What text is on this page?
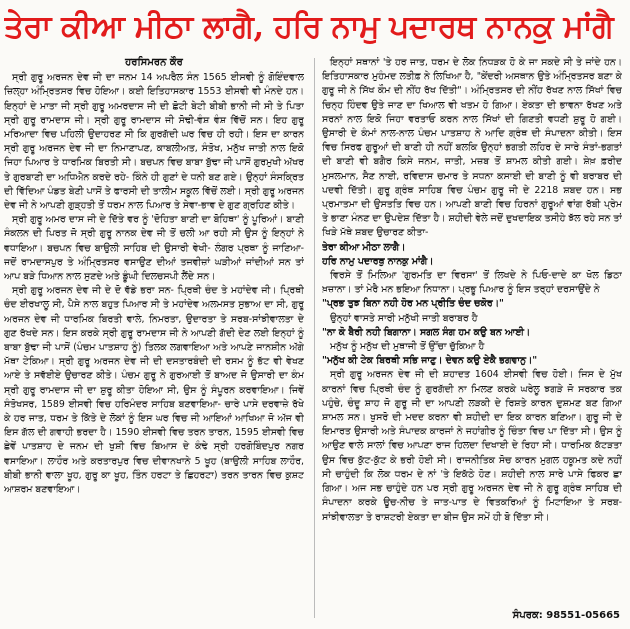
ਤੇਰਾ ਕੀਆ ਮੀਠਾ ਲਾਗੈ, ਹਰਿ ਨਾਮੁ ਪਦਾਰਥ ਨਾਨਕੁ ਮਾਂਗੈ

ਹਰਸਿਮਰਨ ਕੌਰ

ਸ੍ਰੀ ਗੁਰੂ ਅਰਜਨ ਦੇਵ ਜੀ ਦਾ ਜਨਮ 14 ਅਪਰੈਲ ਸੰਨ 1565 ਈਸਵੀ ਨੂੰ ਗੋਇੰਦਵਾਲ ਜ਼ਿਲ੍ਹਾ ਅੰਮ੍ਰਿਤਸਰ ਵਿਚ ਹੋਇਆ। ਕਈ ਇਤਿਹਾਸਕਾਰ 1553 ਈਸਵੀ ਵੀ ਮੰਨਦੇ ਹਨ। ਇਨ੍ਹਾਂ ਦੇ ਮਾਤਾ ਜੀ ਸ੍ਰੀ ਗੁਰੂ ਅਮਰਦਾਸ ਜੀ ਦੀ ਛੋਟੀ ਬੇਟੀ ਬੀਬੀ ਭਾਨੀ ਜੀ ਸੀ ਤੇ ਪਿਤਾ ਸ੍ਰੀ ਗੁਰੂ ਰਾਮਦਾਸ ਜੀ। ਸ੍ਰੀ ਗੁਰੂ ਰਾਮਦਾਸ ਜੀ ਸੋਢੀ-ਵੰਸ਼ ਵੰਸ਼ ਵਿੱਚੋਂ ਸਨ। ਇਹ ਗੁਰੂ ਮਰਿਆਦਾ ਵਿਚ ਪਹਿਲੀ ਉਦਾਹਰਣ ਸੀ ਕਿ ਗੁਰਗੱਦੀ ਘਰ ਵਿਚ ਹੀ ਰਹੀ। ਇਸ ਦਾ ਕਾਰਨ ਸ੍ਰੀ ਗੁਰੂ ਅਰਜਨ ਦੇਵ ਜੀ ਦਾ ਨਿਮਾਣਾਪਣ, ਕਾਬਲੀਅਤ, ਸੰਤੋਖ, ਮਨੁੱਖ ਜਾਤੀ ਨਾਲ ਇਕੋ ਜਿਹਾ ਪਿਆਰ ਤੇ ਧਾਰਮਿਕ ਬਿਰਤੀ ਸੀ। ਬਚਪਨ ਵਿਚ ਬਾਬਾ ਬੁੱਢਾ ਜੀ ਪਾਸੋਂ ਗੁਰਮੁਖੀ ਅੱਖਰ ਤੇ ਗੁਰਬਾਣੀ ਦਾ ਅਧਿਐਨ ਕਰਦੇ ਰਹੇ- ਕਿੰਨੇ ਹੀ ਗੁਣਾਂ ਦੇ ਧਨੀ ਬਣ ਗਏ। ਉਨ੍ਹਾਂ ਸੰਸਕ੍ਰਿਤ ਦੀ ਵਿੱਦਿਆ ਪੰਡਤ ਬੇਣੀ ਪਾਸੋਂ ਤੇ ਫਾਰਸੀ ਦੀ ਤਾਲੀਮ ਸਕੂਲ ਵਿੱਚੋਂ ਲਈ। ਸ੍ਰੀ ਗੁਰੂ ਅਰਜਨ ਦੇਵ ਜੀ ਨੇ ਆਪਣੀ ਗੁੜ੍ਹਤੀ ਤੋਂ ਧਰਮ ਨਾਲ ਪਿਆਰ ਤੇ ਸੇਵਾ-ਭਾਵ ਦੇ ਗੁਣ ਗ੍ਰਹਿਣ ਕੀਤੇ।

ਸ੍ਰੀ ਗੁਰੂ ਅਮਰ ਦਾਸ ਜੀ ਦੇ ਦਿੱਤੇ ਵਰ ਨੂੰ 'ਦੋਹਿਤਾ ਬਾਣੀ ਦਾ ਬੋਹਿਥਾ' ਨੂੰ ਪੂਰਿਆਂ। ਬਾਣੀ ਸੰਕਲਨ ਦੀ ਪਿਰਤ ਜੋ ਸ੍ਰੀ ਗੁਰੂ ਨਾਨਕ ਦੇਵ ਜੀ ਤੋਂ ਚਲੀ ਆ ਰਹੀ ਸੀ ਉਸ ਨੂੰ ਇਨ੍ਹਾਂ ਨੇ ਵਧਾਇਆ। ਬਚਪਨ ਵਿਚ ਬਾਉਲੀ ਸਾਹਿਬ ਦੀ ਉਸਾਰੀ ਵੇਖੀ- ਲੰਗਰ ਪ੍ਰਥਾ ਨੂੰ ਜਾਣਿਆ- ਜਦੋਂ ਰਾਮਦਾਸਪੁਰ ਤੇ ਅੰਮ੍ਰਿਤਸਰ ਵਸਾਉਣ ਦੀਆਂ ਤਜਵੀਜ਼ਾਂ ਘੜੀਆਂ ਜਾਂਦੀਆਂ ਸਨ ਤਾਂ ਆਪ ਬੜੇ ਧਿਆਨ ਨਾਲ ਸੁਣਦੇ ਅਤੇ ਡੂੰਘੀ ਦਿਲਚਸਪੀ ਲੈਂਦੇ ਸਨ।

ਸ੍ਰੀ ਗੁਰੂ ਅਰਜਨ ਦੇਵ ਜੀ ਦੇ ਦੋ ਵੱਡੇ ਭਰਾ ਸਨ- ਪ੍ਰਿਥੀ ਚੰਦ ਤੇ ਮਹਾਂਦੇਵ ਜੀ। ਪ੍ਰਿਥੀ ਚੰਦ ਈਰਖਾਲੂ ਸੀ, ਪੈਸੇ ਨਾਲ ਬਹੁਤ ਪਿਆਰ ਸੀ ਤੇ ਮਹਾਂਦੇਵ ਅਲਮਸਤ ਸੁਭਾਅ ਦਾ ਸੀ, ਗੁਰੂ ਅਰਜਨ ਦੇਵ ਜੀ ਧਾਰਮਿਕ ਬਿਰਤੀ ਵਾਲੇ, ਨਿਮਰਤਾ, ਉਦਾਰਤਾ ਤੇ ਸਰਬ-ਸਾਂਝੀਵਾਲਤਾ ਦੇ ਗੁਣ ਰੱਖਦੇ ਸਨ। ਇਸ ਕਰਕੇ ਸ੍ਰੀ ਗੁਰੂ ਰਾਮਦਾਸ ਜੀ ਨੇ ਆਪਣੀ ਗੱਦੀ ਦੇਣ ਲਈ ਇਨ੍ਹਾਂ ਨੂੰ ਬਾਬਾ ਬੁੱਢਾ ਜੀ ਪਾਸੋਂ (ਪੰਚਮ ਪਾਤਸ਼ਾਹ ਨੂੰ) ਤਿਲਕ ਲਗਵਾਇਆ ਅਤੇ ਆਪਣੇ ਜਾਨਸ਼ੀਨ ਅੱਗੇ ਮੱਥਾ ਟੇਕਿਆ। ਸ੍ਰੀ ਗੁਰੂ ਅਰਜਨ ਦੇਵ ਜੀ ਦੀ ਦਸਤਾਰਬੰਦੀ ਦੀ ਰਸਮ ਨੂੰ ਭੱਟ ਵੀ ਵੇਖਣ ਆਏ ਤੇ ਸਵੱਈਏ ਉਚਾਰਣ ਕੀਤੇ। ਪੰਚਮ ਗੁਰੂ ਨੇ ਗੁਰਆਈ ਤੋਂ ਬਾਅਦ ਜੋ ਉਸਾਰੀ ਦਾ ਕੰਮ ਸ੍ਰੀ ਗੁਰੂ ਰਾਮਦਾਸ ਜੀ ਦਾ ਸ਼ੁਰੂ ਕੀਤਾ ਹੋਇਆ ਸੀ, ਉਸ ਨੂੰ ਸੰਪੂਰਨ ਕਰਵਾਇਆ। ਜਿਵੇਂ ਸੰਤੋਖਸਰ, 1589 ਈਸਵੀ ਵਿਚ ਹਰਿਮੰਦਰ ਸਾਹਿਬ ਬਣਵਾਇਆ- ਚਾਰੇ ਪਾਸੇ ਦਰਵਾਜ਼ੇ ਰੱਖੇ ਕੇ ਹਰ ਜਾਤ, ਧਰਮ ਤੇ ਕਿੱਤੇ ਦੇ ਲੋਕਾਂ ਨੂੰ ਇਸ ਘਰ ਵਿਚ ਜੀ ਆਇਆਂ ਆਖਿਆ ਜੋ ਅੱਜ ਵੀ ਇਸ ਗੱਲ ਦੀ ਗਵਾਹੀ ਭਰਦਾ ਹੈ। 1590 ਈਸਵੀ ਵਿਚ ਤਰਨ ਤਾਰਨ, 1595 ਈਸਵੀ ਵਿਚ ਛੇਵੇਂ ਪਾਤਸ਼ਾਹ ਦੇ ਜਨਮ ਦੀ ਖੁਸ਼ੀ ਵਿਚ ਬਿਆਸ ਦੇ ਕੰਢੇ ਸ੍ਰੀ ਹਰਗੋਬਿੰਦਪੁਰ ਨਗਰ ਵਸਾਇਆ। ਲਾਹੌਰ ਅਤੇ ਕਰਤਾਰਪੁਰ ਵਿਚ ਦੀਵਾਨਖਾਨੇ 5 ਖੂਹ (ਬਾਉਲੀ ਸਾਹਿਬ ਲਾਹੌਰ, ਬੀਬੀ ਭਾਨੀ ਵਾਲਾ ਖੂਹ, ਗੁਰੂ ਕਾ ਖੂਹ, ਤਿੰਨ ਹਰਟਾ ਤੇ ਛਿਹਰਟਾ) ਤਰਨ ਤਾਰਨ ਵਿਚ ਕੁਸ਼ਟ ਆਸ਼ਰਮ ਬਣਵਾਇਆ।

ਇਨ੍ਹਾਂ ਸਥਾਨਾਂ 'ਤੇ ਹਰ ਜਾਤ, ਧਰਮ ਦੇ ਲੋਕ ਨਿਧੜਕ ਹੋ ਕੇ ਜਾ ਸਕਦੇ ਸੀ ਤੇ ਜਾਂਦੇ ਹਨ। ਇਤਿਹਾਸਕਾਰ ਮੁਹੰਮਦ ਲਤੀਫ਼ ਨੇ ਲਿਖਿਆ ਹੈ, "ਕੇਂਦਰੀ ਅਸਥਾਨ ਉਤੇ ਅੰਮ੍ਰਿਤਸਰ ਬਣਾ ਕੇ ਗੁਰੂ ਜੀ ਨੇ ਸਿੱਖ ਕੌਮ ਦੀ ਨੀਂਹ ਰੱਖ ਦਿੱਤੀ"। ਅੰਮ੍ਰਿਤਸਰ ਦੀ ਨੀਂਹ ਰੱਖਣ ਨਾਲ ਸਿੱਖਾਂ ਵਿਚ ਚਿਨ੍ਹ ਹਿੰਦਵ ਉਤੇ ਜਾਣ ਦਾ ਖਿਆਲ ਵੀ ਖਤਮ ਹੋ ਗਿਆ। ਏਕਤਾ ਦੀ ਭਾਵਨਾ ਰੱਖਣ ਅਤੇ ਸਰਨਾਂ ਨਾਲ ਇਕੋ ਜਿਹਾ ਵਰਤਾਓ ਕਰਨ ਨਾਲ ਸਿੱਖਾਂ ਦੀ ਗਿਣਤੀ ਵਧਣੀ ਸ਼ੁਰੂ ਹੋ ਗਈ। ਉਸਾਰੀ ਦੇ ਕੰਮਾਂ ਨਾਲ-ਨਾਲ ਪੰਚਮ ਪਾਤਸ਼ਾਹ ਨੇ ਆਦਿ ਗ੍ਰੰਥ ਦੀ ਸੰਪਾਦਨਾ ਕੀਤੀ। ਇਸ ਵਿਚ ਸਿਰਫ ਗੁਰੂਆਂ ਦੀ ਬਾਣੀ ਹੀ ਨਹੀਂ ਬਲਕਿ ਉਨ੍ਹਾਂ ਭਗਤੀ ਲਹਿਰ ਦੇ ਸਾਰੇ ਸੰਤਾਂ-ਭਗਤਾਂ ਦੀ ਬਾਣੀ ਵੀ ਬਗੈਰ ਕਿਸੇ ਜਨਮ, ਜਾਤੀ, ਮਜ਼ਬ ਤੋਂ ਸ਼ਾਮਲ ਕੀਤੀ ਗਈ। ਸ਼ੇਖ਼ ਫ਼ਰੀਦ ਮੁਸਲਮਾਨ, ਸੈਣ ਨਾਈ, ਰਵਿਦਾਸ ਚਮਾਰ ਤੇ ਸਧਨਾ ਕਸਾਈ ਦੀ ਬਾਣੀ ਨੂੰ ਵੀ ਬਰਾਬਰ ਦੀ ਪਦਵੀ ਦਿੱਤੀ। ਗੁਰੂ ਗ੍ਰੰਥ ਸਾਹਿਬ ਵਿਚ ਪੰਚਮ ਗੁਰੂ ਜੀ ਦੇ 2218 ਸ਼ਬਦ ਹਨ। ਸਭ ਪ੍ਰਮਾਤਮਾ ਦੀ ਉਸਤਤਿ ਵਿਚ ਹਨ। ਆਪਣੀ ਬਾਣੀ ਵਿਚ ਹਿਰਨਾਂ ਗੁਰੂਆਂ ਵਾਂਗ ਰੱਬੀ ਪ੍ਰੇਮ ਤੇ ਭਾਣਾ ਮੰਨਣ ਦਾ ਉਪਦੇਸ਼ ਦਿੱਤਾ ਹੈ। ਸ਼ਹੀਦੀ ਵੇਲੇ ਜਦੋਂ ਦੁਖਦਾਇਕ ਤਸੀਹੇ ਝੱਲ ਰਹੇ ਸਨ ਤਾਂ ਖਿੜੇ ਮੱਥੇ ਸ਼ਬਦ ਉਚਾਰਣ ਕੀਤਾ-

ਤੇਰਾ ਕੀਆ ਮੀਠਾ ਲਾਗੈ।

ਹਰਿ ਨਾਮੁ ਪਦਾਰਥੁ ਨਾਨਕੁ ਮਾਂਗੈ।

ਵਿਰਸੇ ਤੋਂ ਮਿਲਿਆ 'ਗੁਰਮਤਿ ਦਾ ਵਿਰਸਾ' ਤੋਂ ਲਿਖਦੇ ਨੇ ਪਿਓ-ਦਾਦੇ ਕਾ ਖੋਲ ਡਿਠਾ ਖ਼ਜ਼ਾਨਾ। ਤਾਂ ਮੇਰੈ ਮਨ ਭਇਆ ਨਿਧਾਨਾ। ਪ੍ਰਭੂ ਪਿਆਰ ਨੂੰ ਇਸ ਤਰ੍ਹਾਂ ਦਰਸਾਉਂਦੇ ਨੇ

"ਪ੍ਰਭ ਤੁਝ ਬਿਨਾ ਨਹੀ ਹੋਰ ਮਨ ਪ੍ਰੀਤਿ ਚੰਦ ਚਕੋਰ।"

ਉਨ੍ਹਾਂ ਵਾਸਤੇ ਸਾਰੀ ਮਨੁੱਖੀ ਜਾਤੀ ਬਰਾਬਰ ਹੈ

"ਨਾ ਕੋ ਬੈਰੀ ਨਹੀ ਬਿਗਾਨਾ। ਸਗਲ ਸੰਗ ਹਮ ਕਉ ਬਨ ਆਈ।

ਮਨੁੱਖ ਨੂੰ ਮਨੁੱਖ ਦੀ ਮੁਥਾਜੀ ਤੋਂ ਉੱਚਾ ਚੁੱਕਿਆ ਹੈ

"ਮਨੁੱਖ ਕੀ ਟੇਕ ਬਿਰਥੀ ਸਭਿ ਜਾਣੁ। ਦੇਵਨ ਕਉ ਏਕੈ ਭਗਵਾਨੁ।"

ਸ੍ਰੀ ਗੁਰੂ ਅਰਜਨ ਦੇਵ ਜੀ ਦੀ ਸ਼ਹਾਦਤ 1604 ਈਸਵੀ ਵਿਚ ਹੋਈ। ਜਿਸ ਦੇ ਮੁੱਖ ਕਾਰਨਾਂ ਵਿਚ ਪ੍ਰਿਥੀ ਚੰਦ ਨੂੰ ਗੁਰਗੱਦੀ ਨਾ ਮਿਲਣ ਕਰਕੇ ਘਰੇਲੂ ਝਗੜੇ ਜੋ ਸਰਕਾਰ ਤਕ ਪਹੁੰਚੇ, ਚੰਦੂ ਸ਼ਾਹ ਜੋ ਗੁਰੂ ਜੀ ਦਾ ਆਪਣੀ ਲੜਕੀ ਦੇ ਰਿਸ਼ਤੇ ਕਾਰਨ ਦੁਸ਼ਮਣ ਬਣ ਗਿਆ ਸ਼ਾਮਲ ਸਨ। ਖੁਸਰੋ ਦੀ ਮਦਦ ਕਰਨਾ ਵੀ ਸ਼ਹੀਦੀ ਦਾ ਇਕ ਕਾਰਨ ਬਣਿਆ। ਗੁਰੂ ਜੀ ਦੇ ਇਮਾਰਤ ਉਸਾਰੀ ਅਤੇ ਸੰਪਾਦਕ ਕਾਰਜਾਂ ਨੇ ਜਹਾਂਗੀਰ ਨੂੰ ਚਿੰਤਾ ਵਿਚ ਪਾ ਦਿੱਤਾ ਸੀ। ਉਸ ਨੂੰ ਆਉਣ ਵਾਲੇ ਸਾਲਾਂ ਵਿਚ ਆਪਣਾ ਰਾਜ ਹਿਲਦਾ ਦਿਖਾਈ ਦੇ ਰਿਹਾ ਸੀ। ਧਾਰਮਿਕ ਕੱਟੜਤਾ ਉਸ ਵਿਚ ਕੁੱਟ-ਕੁੱਟ ਕੇ ਭਰੀ ਹੋਈ ਸੀ। ਰਾਜਨੀਤਿਕ ਸੋਚ ਕਾਰਨ ਮੁਗਲ ਹਕੂਮਤ ਕਦੇ ਨਹੀਂ ਸੀ ਚਾਹੁੰਦੀ ਕਿ ਲੋਕ ਧਰਮ ਦੇ ਨਾਂ 'ਤੇ ਇਕੱਠੇ ਹੋਣ। ਸ਼ਹੀਦੀ ਨਾਲ ਸਾਰੇ ਪਾਸੇ ਫਿਕਰ ਛਾ ਗਿਆ। ਅਜ ਸਭ ਚਾਹੁੰਦੇ ਹਨ ਪਰ ਸ੍ਰੀ ਗੁਰੂ ਅਰਜਨ ਦੇਵ ਜੀ ਨੇ ਗੁਰੂ ਗ੍ਰੰਥ ਸਾਹਿਬ ਦੀ ਸੰਪਾਦਨਾ ਕਰਕੇ ਊਚ-ਨੀਚ ਤੇ ਜਾਤ-ਪਾਤ ਦੇ ਵਿਤਕਰਿਆਂ ਨੂੰ ਮਿਟਾਇਆ ਤੇ ਸਰਬ-ਸਾਂਝੀਵਾਲਤਾ ਤੇ ਰਾਸ਼ਟਰੀ ਏਕਤਾ ਦਾ ਬੀਜ ਉਸ ਸਮੇਂ ਹੀ ਬੋ ਦਿੱਤਾ ਸੀ।

ਸੰਪਰਕ: 98551-05665
